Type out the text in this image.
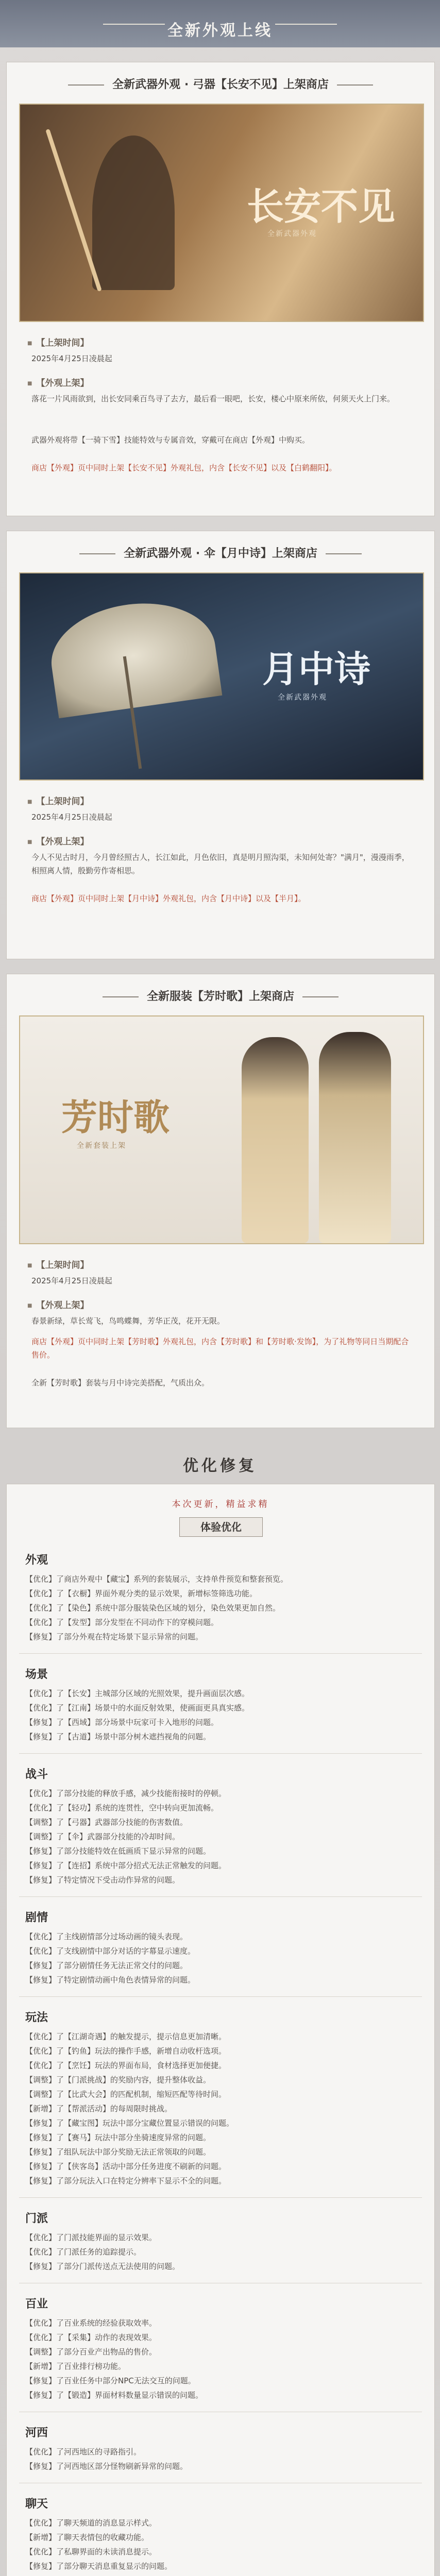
全新外观上线
全新武器外观 · 弓器【长安不见】上架商店
长安不见
全新武器外观
■ 【上架时间】
2025年4月25日凌晨起
■ 【外观上架】
落花一片风雨欲到，出长安同乘百鸟寻了去方，最后看一眼吧，长安，楼心中原来所依，何须天火上门来。
武器外观将带【一骑下雪】技能特效与专属音效，穿戴可在商店【外观】中购买。
商店【外观】页中同时上架【长安不见】外观礼包，内含【长安不见】以及【白鹤翻阳】。
全新武器外观 · 伞【月中诗】上架商店
月中诗
全新武器外观
■ 【上架时间】
2025年4月25日凌晨起
■ 【外观上架】
今人不见古时月，今月曾经照古人，长江如此，月色依旧，真是明月照沟渠，未知何处寄？"满月"，漫漫雨季，相照离人情，殷勤劳作寄相思。
商店【外观】页中同时上架【月中诗】外观礼包，内含【月中诗】以及【半月】。
全新服装【芳时歌】上架商店
芳时歌
全新套装上架
■ 【上架时间】
2025年4月25日凌晨起
■ 【外观上架】
春景新绿，草长莺飞，鸟鸣蝶舞，芳华正茂，花开无限。
商店【外观】页中同时上架【芳时歌】外观礼包，内含【芳时歌】和【芳时歌·发饰】，为了礼物等同日当期配合售价。
全新【芳时歌】套装与月中诗完美搭配，气质出众。
优化修复
本次更新，精益求精
体验优化
外观
【优化】了商店外观中【藏宝】系列的套装展示，支持单件预览和整套预览。
【优化】了【衣橱】界面外观分类的显示效果，新增标签筛选功能。
【优化】了【染色】系统中部分服装染色区域的划分，染色效果更加自然。
【优化】了【发型】部分发型在不同动作下的穿模问题。
【修复】了部分外观在特定场景下显示异常的问题。
场景
【优化】了【长安】主城部分区域的光照效果，提升画面层次感。
【优化】了【江南】场景中的水面反射效果，使画面更具真实感。
【修复】了【西域】部分场景中玩家可卡入地形的问题。
【修复】了【古道】场景中部分树木遮挡视角的问题。
战斗
【优化】了部分技能的释放手感，减少技能衔接时的停顿。
【优化】了【轻功】系统的连贯性，空中转向更加流畅。
【调整】了【弓器】武器部分技能的伤害数值。
【调整】了【伞】武器部分技能的冷却时间。
【修复】了部分技能特效在低画质下显示异常的问题。
【修复】了【连招】系统中部分招式无法正常触发的问题。
【修复】了特定情况下受击动作异常的问题。
剧情
【优化】了主线剧情部分过场动画的镜头表现。
【优化】了支线剧情中部分对话的字幕显示速度。
【修复】了部分剧情任务无法正常交付的问题。
【修复】了特定剧情动画中角色表情异常的问题。
玩法
【优化】了【江湖奇遇】的触发提示，提示信息更加清晰。
【优化】了【钓鱼】玩法的操作手感，新增自动收杆选项。
【优化】了【烹饪】玩法的界面布局，食材选择更加便捷。
【调整】了【门派挑战】的奖励内容，提升整体收益。
【调整】了【比武大会】的匹配机制，缩短匹配等待时间。
【新增】了【帮派活动】的每周限时挑战。
【修复】了【藏宝图】玩法中部分宝藏位置显示错误的问题。
【修复】了【赛马】玩法中部分坐骑速度异常的问题。
【修复】了组队玩法中部分奖励无法正常领取的问题。
【修复】了【侠客岛】活动中部分任务进度不刷新的问题。
【修复】了部分玩法入口在特定分辨率下显示不全的问题。
门派
【优化】了门派技能界面的显示效果。
【优化】了门派任务的追踪提示。
【修复】了部分门派传送点无法使用的问题。
百业
【优化】了百业系统的经验获取效率。
【优化】了【采集】动作的表现效果。
【调整】了部分百业产出物品的售价。
【新增】了百业排行榜功能。
【修复】了百业任务中部分NPC无法交互的问题。
【修复】了【锻造】界面材料数量显示错误的问题。
河西
【优化】了河西地区的寻路指引。
【修复】了河西地区部分怪物刷新异常的问题。
聊天
【优化】了聊天频道的消息显示样式。
【新增】了聊天表情包的收藏功能。
【优化】了私聊界面的未读消息提示。
【修复】了部分聊天消息重复显示的问题。
